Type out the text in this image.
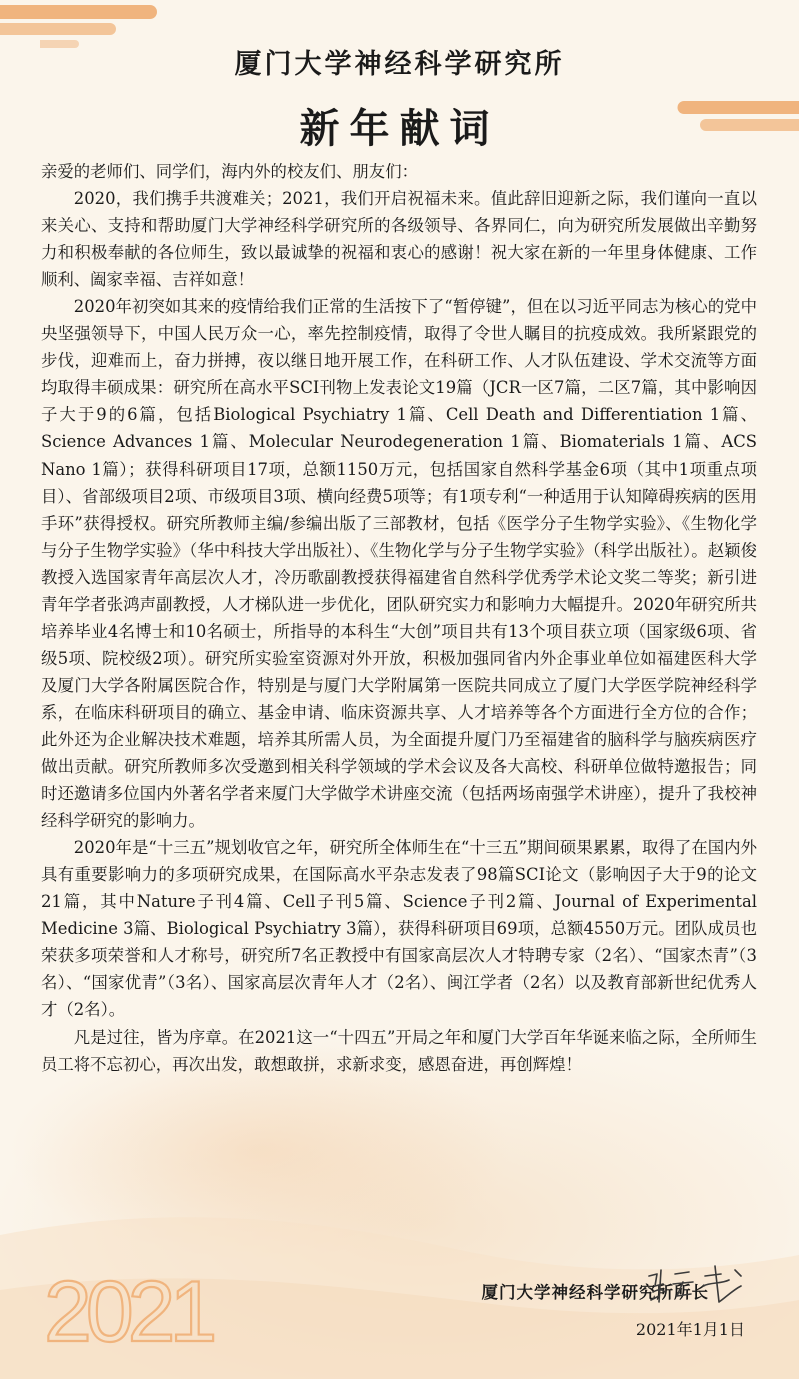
厦门大学神经科学研究所
新年献词

亲爱的老师们、同学们，海内外的校友们、朋友们：

2020，我们携手共渡难关；2021，我们开启祝福未来。值此辞旧迎新之际，我们谨向一直以来关心、支持和帮助厦门大学神经科学研究所的各级领导、各界同仁，向为研究所发展做出辛勤努力和积极奉献的各位师生，致以最诚挚的祝福和衷心的感谢！祝大家在新的一年里身体健康、工作顺利、阖家幸福、吉祥如意！

2020年初突如其来的疫情给我们正常的生活按下了“暂停键”，但在以习近平同志为核心的党中央坚强领导下，中国人民万众一心，率先控制疫情，取得了令世人瞩目的抗疫成效。我所紧跟党的步伐，迎难而上，奋力拼搏，夜以继日地开展工作，在科研工作、人才队伍建设、学术交流等方面均取得丰硕成果：研究所在高水平SCI刊物上发表论文19篇（JCR一区7篇，二区7篇，其中影响因子大于9的6篇，包括Biological Psychiatry 1篇、Cell Death and Differentiation 1篇、Science Advances 1篇、Molecular Neurodegeneration 1篇、Biomaterials 1篇、ACS Nano 1篇）；获得科研项目17项，总额1150万元，包括国家自然科学基金6项（其中1项重点项目）、省部级项目2项、市级项目3项、横向经费5项等；有1项专利“一种适用于认知障碍疾病的医用手环”获得授权。研究所教师主编/参编出版了三部教材，包括《医学分子生物学实验》、《生物化学与分子生物学实验》（华中科技大学出版社）、《生物化学与分子生物学实验》（科学出版社）。赵颖俊教授入选国家青年高层次人才，冷历歌副教授获得福建省自然科学优秀学术论文奖二等奖；新引进青年学者张鸿声副教授，人才梯队进一步优化，团队研究实力和影响力大幅提升。2020年研究所共培养毕业4名博士和10名硕士，所指导的本科生“大创”项目共有13个项目获立项（国家级6项、省级5项、院校级2项）。研究所实验室资源对外开放，积极加强同省内外企事业单位如福建医科大学及厦门大学各附属医院合作，特别是与厦门大学附属第一医院共同成立了厦门大学医学院神经科学系，在临床科研项目的确立、基金申请、临床资源共享、人才培养等各个方面进行全方位的合作；此外还为企业解决技术难题，培养其所需人员，为全面提升厦门乃至福建省的脑科学与脑疾病医疗做出贡献。研究所教师多次受邀到相关科学领域的学术会议及各大高校、科研单位做特邀报告；同时还邀请多位国内外著名学者来厦门大学做学术讲座交流（包括两场南强学术讲座），提升了我校神经科学研究的影响力。

2020年是“十三五”规划收官之年，研究所全体师生在“十三五”期间硕果累累，取得了在国内外具有重要影响力的多项研究成果，在国际高水平杂志发表了98篇SCI论文（影响因子大于9的论文21篇，其中Nature子刊4篇、Cell子刊5篇、Science子刊2篇、Journal of Experimental Medicine 3篇、Biological Psychiatry 3篇），获得科研项目69项，总额4550万元。团队成员也荣获多项荣誉和人才称号，研究所7名正教授中有国家高层次人才特聘专家（2名）、“国家杰青”（3名）、“国家优青”（3名）、国家高层次青年人才（2名）、闽江学者（2名）以及教育部新世纪优秀人才（2名）。

凡是过往，皆为序章。在2021这一“十四五”开局之年和厦门大学百年华诞来临之际，全所师生员工将不忘初心，再次出发，敢想敢拼，求新求变，感恩奋进，再创辉煌！

2021	厦门大学神经科学研究所所长
2021年1月1日
